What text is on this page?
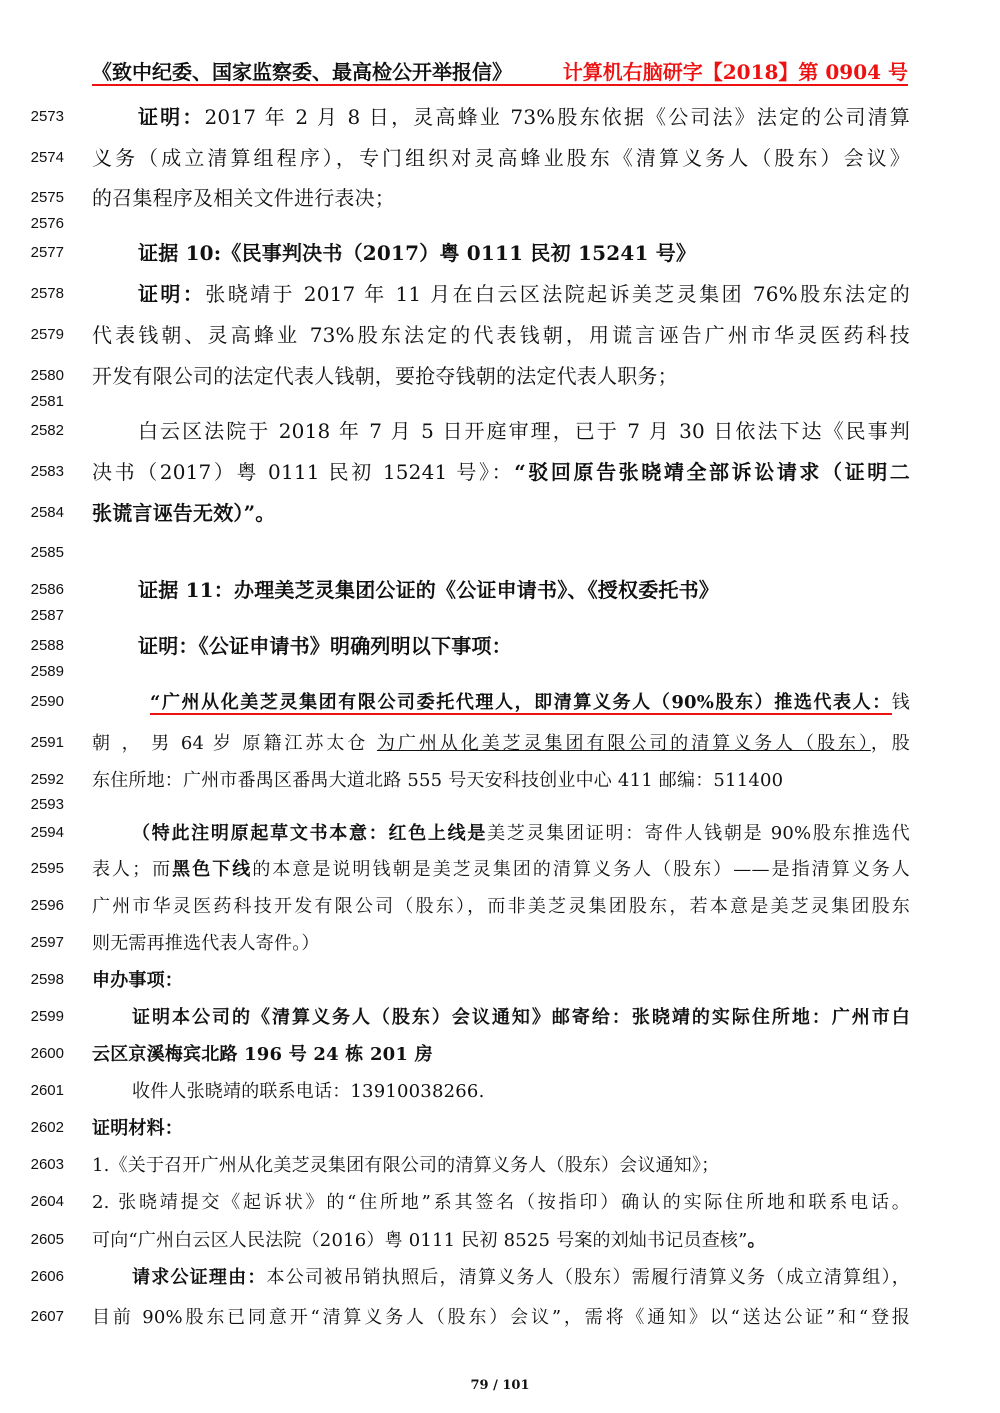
《致中纪委、国家监察委、最高检公开举报信》	计算机右脑研字【2018】第 0904 号
2573
2574
2575
2576
2577
2578
2579
2580
2581
2582
2583
2584
2585
2586
2587
2588
2589
2590
2591
2592
2593
2594
2595
2596
2597
2598
2599
2600
2601
2602
2603
2604
2605
2606
2607
证明：2017 年 2 月 8 日，灵高蜂业 73%股东依据《公司法》法定的公司清算
义务（成立清算组程序），专门组织对灵高蜂业股东《清算义务人（股东）会议》
的召集程序及相关文件进行表决；
证据 10:《民事判决书（2017）粤 0111 民初 15241 号》
证明：张晓靖于 2017 年 11 月在白云区法院起诉美芝灵集团 76%股东法定的
代表钱朝、灵高蜂业 73%股东法定的代表钱朝，用谎言诬告广州市华灵医药科技
开发有限公司的法定代表人钱朝，要抢夺钱朝的法定代表人职务；
白云区法院于 2018 年 7 月 5 日开庭审理，已于 7 月 30 日依法下达《民事判
决书（2017）粤 0111 民初 15241 号》：“驳回原告张晓靖全部诉讼请求（证明二
张谎言诬告无效）”。
证据 11：办理美芝灵集团公证的《公证申请书》、《授权委托书》
证明：《公证申请书》明确列明以下事项：
“广州从化美芝灵集团有限公司委托代理人，即清算义务人（90%股东）推选代表人：钱
朝 ， 男 64 岁 原籍江苏太仓 为广州从化美芝灵集团有限公司的清算义务人（股东），股
东住所地：广州市番禺区番禺大道北路 555 号天安科技创业中心 411 邮编：511400
（特此注明原起草文书本意：红色上线是美芝灵集团证明：寄件人钱朝是 90%股东推选代
表人；而黑色下线的本意是说明钱朝是美芝灵集团的清算义务人（股东）——是指清算义务人
广州市华灵医药科技开发有限公司（股东），而非美芝灵集团股东，若本意是美芝灵集团股东
则无需再推选代表人寄件。）
申办事项：
证明本公司的《清算义务人（股东）会议通知》邮寄给：张晓靖的实际住所地：广州市白
云区京溪梅宾北路 196 号 24 栋 201 房
收件人张晓靖的联系电话：13910038266.
证明材料：
1.《关于召开广州从化美芝灵集团有限公司的清算义务人（股东）会议通知》；
2. 张晓靖提交《起诉状》的“住所地”系其签名（按指印）确认的实际住所地和联系电话。
可向“广州白云区人民法院（2016）粤 0111 民初 8525 号案的刘灿书记员查核”。
请求公证理由：本公司被吊销执照后，清算义务人（股东）需履行清算义务（成立清算组），
目前 90%股东已同意开“清算义务人（股东）会议”，需将《通知》以“送达公证”和“登报
79 / 101
